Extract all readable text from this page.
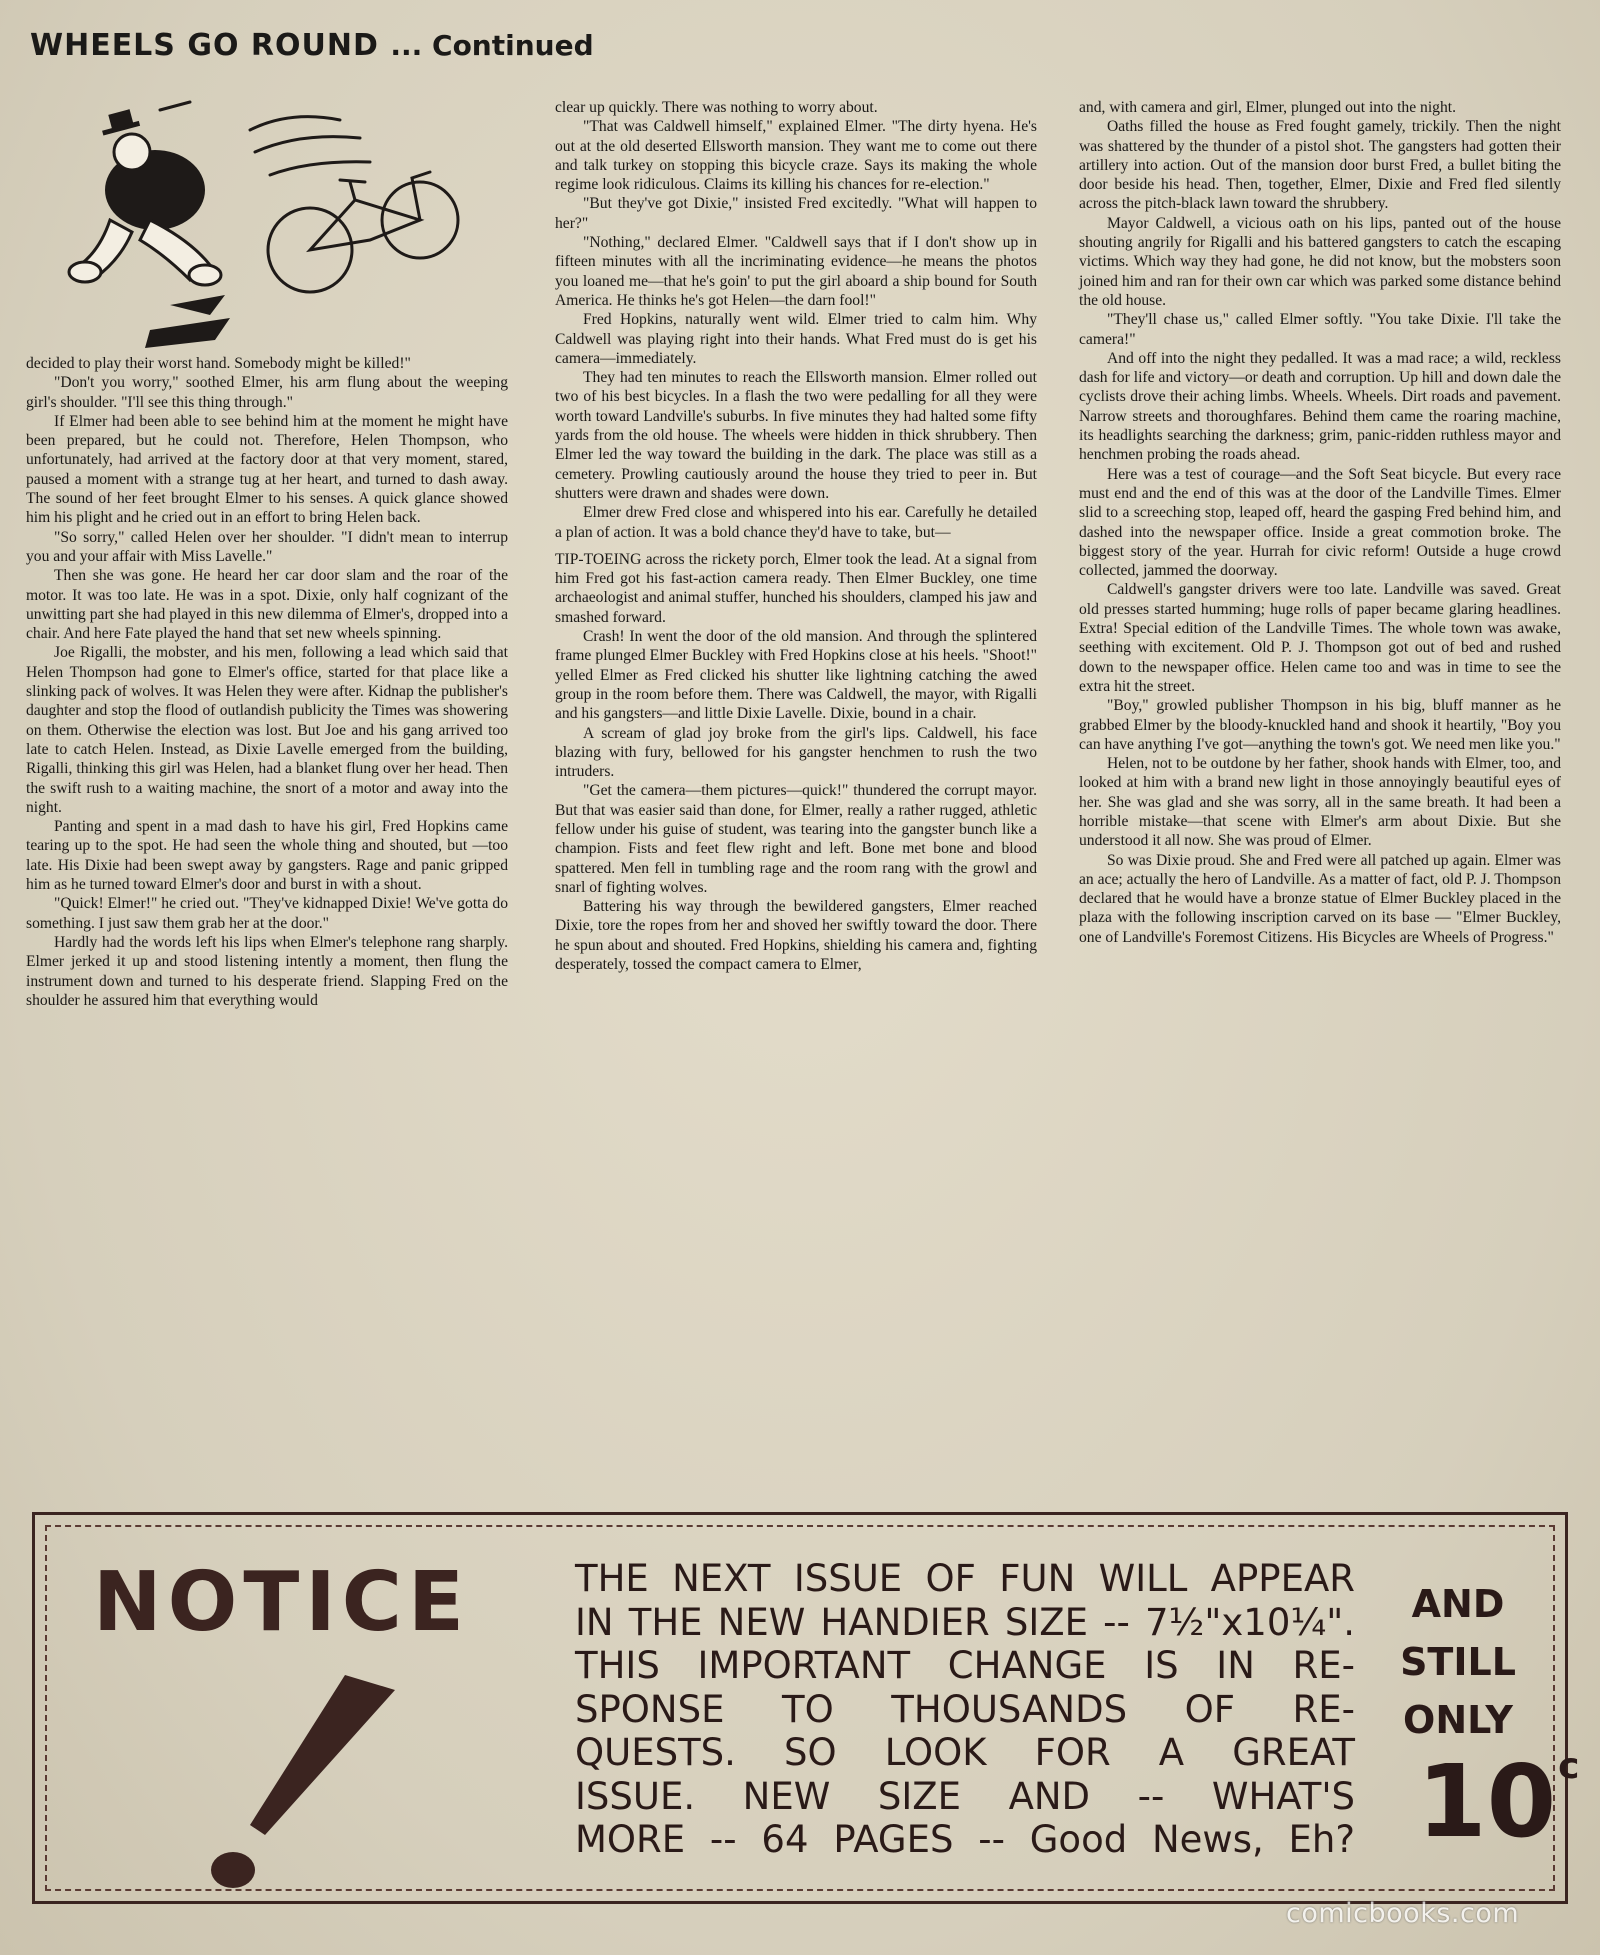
WHEELS GO ROUND ... Continued

decided to play their worst hand. Somebody might be killed!"

"Don't you worry," soothed Elmer, his arm flung about the weeping girl's shoulder. "I'll see this thing through."

If Elmer had been able to see behind him at the moment he might have been prepared, but he could not. Therefore, Helen Thompson, who unfortunately, had arrived at the factory door at that very moment, stared, paused a moment with a strange tug at her heart, and turned to dash away. The sound of her feet brought Elmer to his senses. A quick glance showed him his plight and he cried out in an effort to bring Helen back.

"So sorry," called Helen over her shoulder. "I didn't mean to interrup you and your affair with Miss Lavelle."

Then she was gone. He heard her car door slam and the roar of the motor. It was too late. He was in a spot. Dixie, only half cognizant of the unwitting part she had played in this new dilemma of Elmer's, dropped into a chair. And here Fate played the hand that set new wheels spinning.

Joe Rigalli, the mobster, and his men, following a lead which said that Helen Thompson had gone to Elmer's office, started for that place like a slinking pack of wolves. It was Helen they were after. Kidnap the publisher's daughter and stop the flood of outlandish publicity the Times was showering on them. Otherwise the election was lost. But Joe and his gang arrived too late to catch Helen. Instead, as Dixie Lavelle emerged from the building, Rigalli, thinking this girl was Helen, had a blanket flung over her head. Then the swift rush to a waiting machine, the snort of a motor and away into the night.

Panting and spent in a mad dash to have his girl, Fred Hopkins came tearing up to the spot. He had seen the whole thing and shouted, but —too late. His Dixie had been swept away by gangsters. Rage and panic gripped him as he turned toward Elmer's door and burst in with a shout.

"Quick! Elmer!" he cried out. "They've kidnapped Dixie! We've gotta do something. I just saw them grab her at the door."

Hardly had the words left his lips when Elmer's telephone rang sharply. Elmer jerked it up and stood listening intently a moment, then flung the instrument down and turned to his desperate friend. Slapping Fred on the shoulder he assured him that everything would

clear up quickly. There was nothing to worry about.

"That was Caldwell himself," explained Elmer. "The dirty hyena. He's out at the old deserted Ellsworth mansion. They want me to come out there and talk turkey on stopping this bicycle craze. Says its making the whole regime look ridiculous. Claims its killing his chances for re-election."

"But they've got Dixie," insisted Fred excitedly. "What will happen to her?"

"Nothing," declared Elmer. "Caldwell says that if I don't show up in fifteen minutes with all the incriminating evidence—he means the photos you loaned me—that he's goin' to put the girl aboard a ship bound for South America. He thinks he's got Helen—the darn fool!"

Fred Hopkins, naturally went wild. Elmer tried to calm him. Why Caldwell was playing right into their hands. What Fred must do is get his camera—immediately.

They had ten minutes to reach the Ellsworth mansion. Elmer rolled out two of his best bicycles. In a flash the two were pedalling for all they were worth toward Landville's suburbs. In five minutes they had halted some fifty yards from the old house. The wheels were hidden in thick shrubbery. Then Elmer led the way toward the building in the dark. The place was still as a cemetery. Prowling cautiously around the house they tried to peer in. But shutters were drawn and shades were down.

Elmer drew Fred close and whispered into his ear. Carefully he detailed a plan of action. It was a bold chance they'd have to take, but—

TIP-TOEING across the rickety porch, Elmer took the lead. At a signal from him Fred got his fast-action camera ready. Then Elmer Buckley, one time archaeologist and animal stuffer, hunched his shoulders, clamped his jaw and smashed forward.

Crash! In went the door of the old mansion. And through the splintered frame plunged Elmer Buckley with Fred Hopkins close at his heels. "Shoot!" yelled Elmer as Fred clicked his shutter like lightning catching the awed group in the room before them. There was Caldwell, the mayor, with Rigalli and his gangsters—and little Dixie Lavelle. Dixie, bound in a chair.

A scream of glad joy broke from the girl's lips. Caldwell, his face blazing with fury, bellowed for his gangster henchmen to rush the two intruders.

"Get the camera—them pictures—quick!" thundered the corrupt mayor. But that was easier said than done, for Elmer, really a rather rugged, athletic fellow under his guise of student, was tearing into the gangster bunch like a champion. Fists and feet flew right and left. Bone met bone and blood spattered. Men fell in tumbling rage and the room rang with the growl and snarl of fighting wolves.

Battering his way through the bewildered gangsters, Elmer reached Dixie, tore the ropes from her and shoved her swiftly toward the door. There he spun about and shouted. Fred Hopkins, shielding his camera and, fighting desperately, tossed the compact camera to Elmer,

and, with camera and girl, Elmer, plunged out into the night.

Oaths filled the house as Fred fought gamely, trickily. Then the night was shattered by the thunder of a pistol shot. The gangsters had gotten their artillery into action. Out of the mansion door burst Fred, a bullet biting the door beside his head. Then, together, Elmer, Dixie and Fred fled silently across the pitch-black lawn toward the shrubbery.

Mayor Caldwell, a vicious oath on his lips, panted out of the house shouting angrily for Rigalli and his battered gangsters to catch the escaping victims. Which way they had gone, he did not know, but the mobsters soon joined him and ran for their own car which was parked some distance behind the old house.

"They'll chase us," called Elmer softly. "You take Dixie. I'll take the camera!"

And off into the night they pedalled. It was a mad race; a wild, reckless dash for life and victory—or death and corruption. Up hill and down dale the cyclists drove their aching limbs. Wheels. Wheels. Dirt roads and pavement. Narrow streets and thoroughfares. Behind them came the roaring machine, its headlights searching the darkness; grim, panic-ridden ruthless mayor and henchmen probing the roads ahead.

Here was a test of courage—and the Soft Seat bicycle. But every race must end and the end of this was at the door of the Landville Times. Elmer slid to a screeching stop, leaped off, heard the gasping Fred behind him, and dashed into the newspaper office. Inside a great commotion broke. The biggest story of the year. Hurrah for civic reform! Outside a huge crowd collected, jammed the doorway.

Caldwell's gangster drivers were too late. Landville was saved. Great old presses started humming; huge rolls of paper became glaring headlines. Extra! Special edition of the Landville Times. The whole town was awake, seething with excitement. Old P. J. Thompson got out of bed and rushed down to the newspaper office. Helen came too and was in time to see the extra hit the street.

"Boy," growled publisher Thompson in his big, bluff manner as he grabbed Elmer by the bloody-knuckled hand and shook it heartily, "Boy you can have anything I've got—anything the town's got. We need men like you."

Helen, not to be outdone by her father, shook hands with Elmer, too, and looked at him with a brand new light in those annoyingly beautiful eyes of her. She was glad and she was sorry, all in the same breath. It had been a horrible mistake—that scene with Elmer's arm about Dixie. But she understood it all now. She was proud of Elmer.

So was Dixie proud. She and Fred were all patched up again. Elmer was an ace; actually the hero of Landville. As a matter of fact, old P. J. Thompson declared that he would have a bronze statue of Elmer Buckley placed in the plaza with the following inscription carved on its base — "Elmer Buckley, one of Landville's Foremost Citizens. His Bicycles are Wheels of Progress."

NOTICE	THE NEXT ISSUE OF FUN WILL APPEAR
IN THE NEW HANDIER SIZE -- 7½"x10¼".
THIS IMPORTANT CHANGE IS IN RE-
SPONSE TO THOUSANDS OF RE-
QUESTS. SO LOOK FOR A GREAT
ISSUE. NEW SIZE AND -- WHAT'S
MORE -- 64 PAGES -- Good News, Eh?
AND
STILL
ONLY
10$^c$
comicbooks.com
